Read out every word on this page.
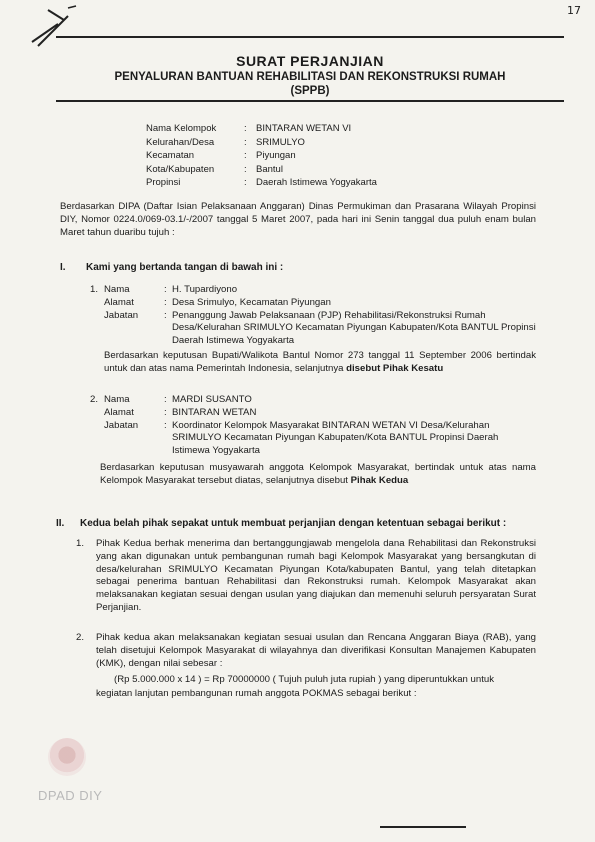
17
SURAT PERJANJIAN
PENYALURAN BANTUAN REHABILITASI DAN REKONSTRUKSI RUMAH
(SPPB)
Nama Kelompok	: BINTARAN WETAN VI
Kelurahan/Desa	: SRIMULYO
Kecamatan	: Piyungan
Kota/Kabupaten	: Bantul
Propinsi	: Daerah Istimewa Yogyakarta
Berdasarkan DIPA (Daftar Isian Pelaksanaan Anggaran) Dinas Permukiman dan Prasarana Wilayah Propinsi DIY, Nomor 0224.0/069-03.1/-/2007 tanggal 5 Maret 2007, pada hari ini Senin tanggal dua puluh enam bulan Maret tahun duaribu tujuh :
I. Kami yang bertanda tangan di bawah ini :
1. Nama	: H. Tupardiyono
Alamat	: Desa Srimulyo, Kecamatan Piyungan
Jabatan	: Penanggung Jawab Pelaksanaan (PJP) Rehabilitasi/Rekonstruksi Rumah Desa/Kelurahan SRIMULYO Kecamatan Piyungan Kabupaten/Kota BANTUL Propinsi Daerah Istimewa Yogyakarta
Berdasarkan keputusan Bupati/Walikota Bantul Nomor 273 tanggal 11 September 2006 bertindak untuk dan atas nama Pemerintah Indonesia, selanjutnya disebut Pihak Kesatu
2. Nama	: MARDI SUSANTO
Alamat	: BINTARAN WETAN
Jabatan	: Koordinator Kelompok Masyarakat BINTARAN WETAN VI Desa/Kelurahan SRIMULYO Kecamatan Piyungan Kabupaten/Kota BANTUL Propinsi Daerah Istimewa Yogyakarta
Berdasarkan keputusan musyawarah anggota Kelompok Masyarakat, bertindak untuk atas nama Kelompok Masyarakat tersebut diatas, selanjutnya disebut Pihak Kedua
II. Kedua belah pihak sepakat untuk membuat perjanjian dengan ketentuan sebagai berikut :
1. Pihak Kedua berhak menerima dan bertanggungjawab mengelola dana Rehabilitasi dan Rekonstruksi yang akan digunakan untuk pembangunan rumah bagi Kelompok Masyarakat yang bersangkutan di desa/kelurahan SRIMULYO Kecamatan Piyungan Kota/kabupaten Bantul, yang telah ditetapkan sebagai penerima bantuan Rehabilitasi dan Rekonstruksi rumah. Kelompok Masyarakat akan melaksanakan kegiatan sesuai dengan usulan yang diajukan dan memenuhi seluruh persyaratan Surat Perjanjian.
2. Pihak kedua akan melaksanakan kegiatan sesuai usulan dan Rencana Anggaran Biaya (RAB), yang telah disetujui Kelompok Masyarakat di wilayahnya dan diverifikasi Konsultan Manajemen Kabupaten (KMK), dengan nilai sebesar :
(Rp 5.000.000 x 14 ) = Rp 70000000 ( Tujuh puluh juta rupiah ) yang diperuntukkan untuk
kegiatan lanjutan pembangunan rumah anggota POKMAS sebagai berikut :
DPAD DIY
